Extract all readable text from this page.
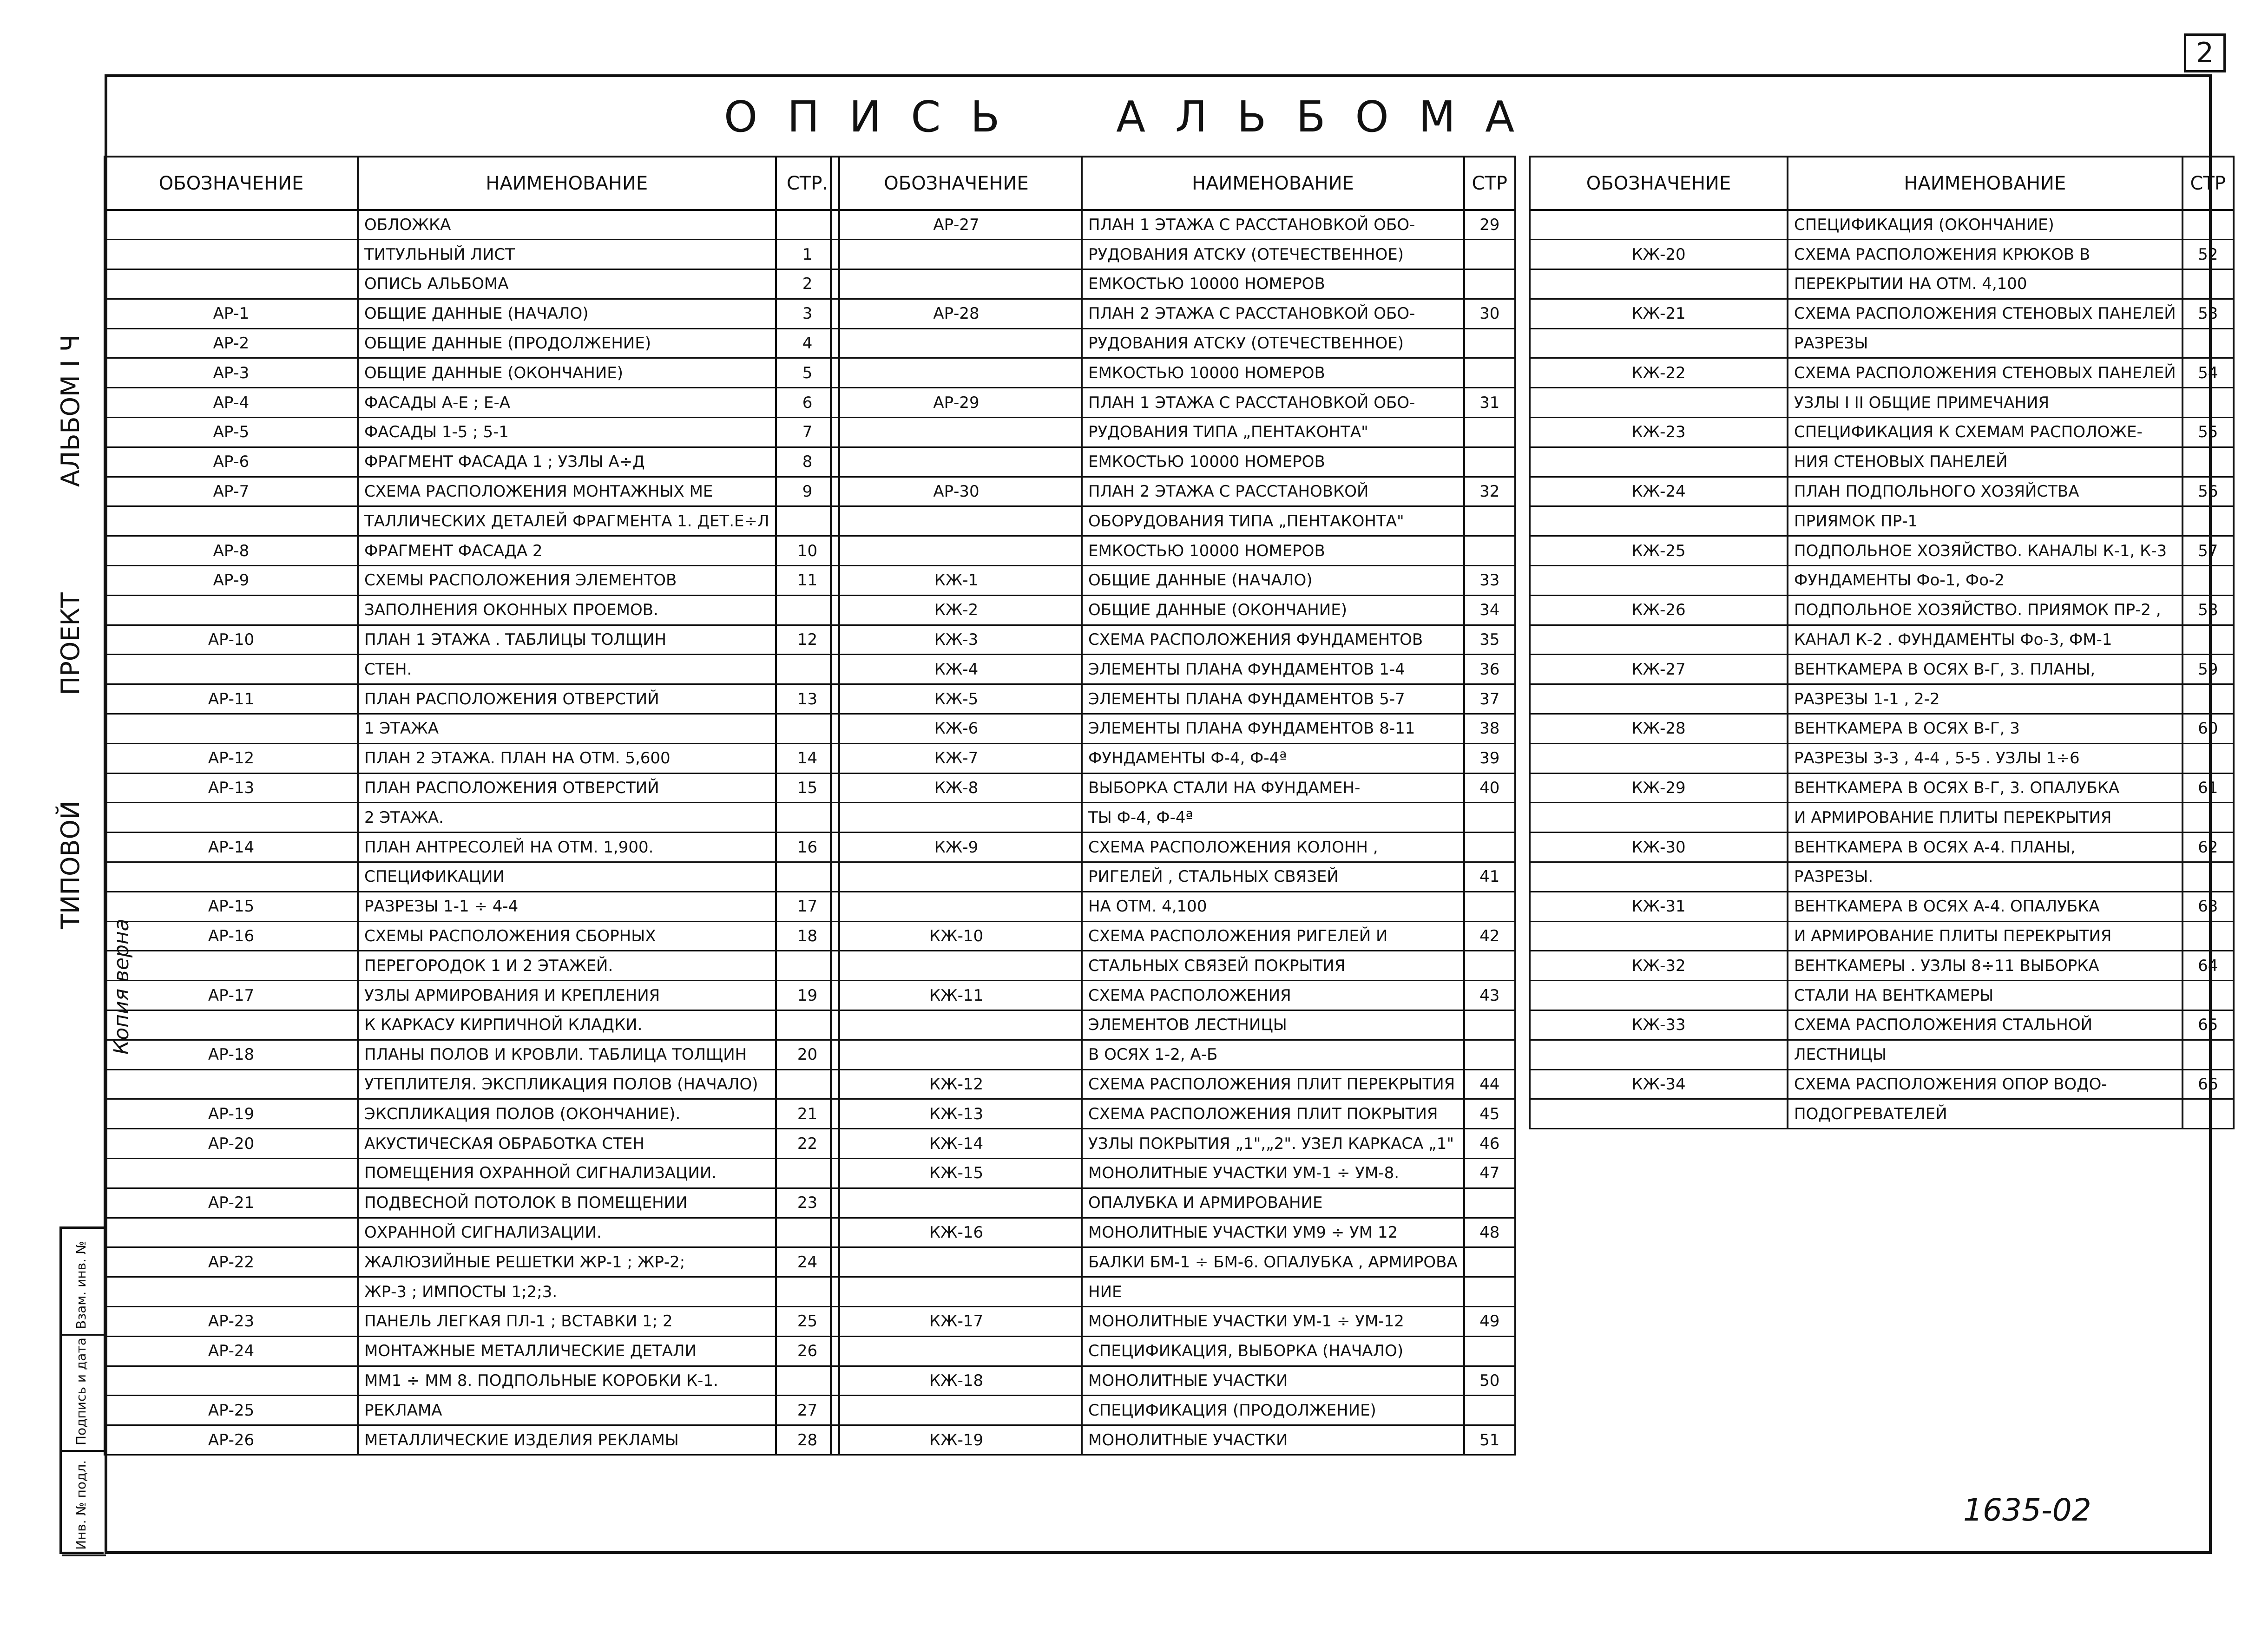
2
ОПИСЬ  АЛЬБОМА
ТИПОВОЙ ПРОЕКТ АЛЬБОМ I Ч
Копия верна
Инв. № подл.
Подпись и дата
Взам. инв. №
ОБОЗНАЧЕНИЕ	НАИМЕНОВАНИЕ	СТР.
	ОБЛОЖКА	
	ТИТУЛЬНЫЙ ЛИСТ	1
	ОПИСЬ АЛЬБОМА	2
АР-1	ОБЩИЕ ДАННЫЕ (НАЧАЛО)	3
АР-2	ОБЩИЕ ДАННЫЕ (ПРОДОЛЖЕНИЕ)	4
АР-3	ОБЩИЕ ДАННЫЕ (ОКОНЧАНИЕ)	5
АР-4	ФАСАДЫ А-Е ; Е-А	6
АР-5	ФАСАДЫ 1-5 ; 5-1	7
АР-6	ФРАГМЕНТ ФАСАДА 1 ; УЗЛЫ А÷Д	8
АР-7	СХЕМА РАСПОЛОЖЕНИЯ МОНТАЖНЫХ МЕ	9
	ТАЛЛИЧЕСКИХ ДЕТАЛЕЙ ФРАГМЕНТА 1. ДЕТ.Е÷Л	
АР-8	ФРАГМЕНТ ФАСАДА 2	10
АР-9	СХЕМЫ РАСПОЛОЖЕНИЯ ЭЛЕМЕНТОВ	11
	ЗАПОЛНЕНИЯ ОКОННЫХ ПРОЕМОВ.	
АР-10	ПЛАН 1 ЭТАЖА . ТАБЛИЦЫ ТОЛЩИН	12
	СТЕН.	
АР-11	ПЛАН РАСПОЛОЖЕНИЯ ОТВЕРСТИЙ	13
	1 ЭТАЖА	
АР-12	ПЛАН 2 ЭТАЖА. ПЛАН НА ОТМ. 5,600	14
АР-13	ПЛАН РАСПОЛОЖЕНИЯ ОТВЕРСТИЙ	15
	2 ЭТАЖА.	
АР-14	ПЛАН АНТРЕСОЛЕЙ НА ОТМ. 1,900.	16
	СПЕЦИФИКАЦИИ	
АР-15	РАЗРЕЗЫ 1-1 ÷ 4-4	17
АР-16	СХЕМЫ РАСПОЛОЖЕНИЯ СБОРНЫХ	18
	ПЕРЕГОРОДОК 1 И 2 ЭТАЖЕЙ.	
АР-17	УЗЛЫ АРМИРОВАНИЯ И КРЕПЛЕНИЯ	19
	К КАРКАСУ КИРПИЧНОЙ КЛАДКИ.	
АР-18	ПЛАНЫ ПОЛОВ И КРОВЛИ. ТАБЛИЦА ТОЛЩИН	20
	УТЕПЛИТЕЛЯ. ЭКСПЛИКАЦИЯ ПОЛОВ (НАЧАЛО)	
АР-19	ЭКСПЛИКАЦИЯ ПОЛОВ (ОКОНЧАНИЕ).	21
АР-20	АКУСТИЧЕСКАЯ ОБРАБОТКА СТЕН	22
	ПОМЕЩЕНИЯ ОХРАННОЙ СИГНАЛИЗАЦИИ.	
АР-21	ПОДВЕСНОЙ ПОТОЛОК В ПОМЕЩЕНИИ	23
	ОХРАННОЙ СИГНАЛИЗАЦИИ.	
АР-22	ЖАЛЮЗИЙНЫЕ РЕШЕТКИ ЖР-1 ; ЖР-2;	24
	ЖР-3 ; ИМПОСТЫ 1;2;3.	
АР-23	ПАНЕЛЬ ЛЕГКАЯ ПЛ-1 ; ВСТАВКИ 1; 2	25
АР-24	МОНТАЖНЫЕ МЕТАЛЛИЧЕСКИЕ ДЕТАЛИ	26
	ММ1 ÷ ММ 8. ПОДПОЛЬНЫЕ КОРОБКИ К-1.	
АР-25	РЕКЛАМА	27
АР-26	МЕТАЛЛИЧЕСКИЕ ИЗДЕЛИЯ РЕКЛАМЫ	28
ОБОЗНАЧЕНИЕ	НАИМЕНОВАНИЕ	СТР
АР-27	ПЛАН 1 ЭТАЖА С РАССТАНОВКОЙ ОБО-	29
	РУДОВАНИЯ АТСКУ (ОТЕЧЕСТВЕННОЕ)	
	ЕМКОСТЬЮ 10000 НОМЕРОВ	
АР-28	ПЛАН 2 ЭТАЖА С РАССТАНОВКОЙ ОБО-	30
	РУДОВАНИЯ АТСКУ (ОТЕЧЕСТВЕННОЕ)	
	ЕМКОСТЬЮ 10000 НОМЕРОВ	
АР-29	ПЛАН 1 ЭТАЖА С РАССТАНОВКОЙ ОБО-	31
	РУДОВАНИЯ ТИПА „ПЕНТАКОНТА"	
	ЕМКОСТЬЮ 10000 НОМЕРОВ	
АР-30	ПЛАН 2 ЭТАЖА С РАССТАНОВКОЙ	32
	ОБОРУДОВАНИЯ ТИПА „ПЕНТАКОНТА"	
	ЕМКОСТЬЮ 10000 НОМЕРОВ	
КЖ-1	ОБЩИЕ ДАННЫЕ (НАЧАЛО)	33
КЖ-2	ОБЩИЕ ДАННЫЕ (ОКОНЧАНИЕ)	34
КЖ-3	СХЕМА РАСПОЛОЖЕНИЯ ФУНДАМЕНТОВ	35
КЖ-4	ЭЛЕМЕНТЫ ПЛАНА ФУНДАМЕНТОВ 1-4	36
КЖ-5	ЭЛЕМЕНТЫ ПЛАНА ФУНДАМЕНТОВ 5-7	37
КЖ-6	ЭЛЕМЕНТЫ ПЛАНА ФУНДАМЕНТОВ 8-11	38
КЖ-7	ФУНДАМЕНТЫ Ф-4, Ф-4ª	39
КЖ-8	ВЫБОРКА СТАЛИ НА ФУНДАМЕН-	40
	ТЫ Ф-4, Ф-4ª	
КЖ-9	СХЕМА РАСПОЛОЖЕНИЯ КОЛОНН ,	
	РИГЕЛЕЙ , СТАЛЬНЫХ СВЯЗЕЙ	41
	НА ОТМ. 4,100	
КЖ-10	СХЕМА РАСПОЛОЖЕНИЯ РИГЕЛЕЙ И	42
	СТАЛЬНЫХ СВЯЗЕЙ ПОКРЫТИЯ	
КЖ-11	СХЕМА РАСПОЛОЖЕНИЯ	43
	ЭЛЕМЕНТОВ ЛЕСТНИЦЫ	
	В ОСЯХ 1-2, А-Б	
КЖ-12	СХЕМА РАСПОЛОЖЕНИЯ ПЛИТ ПЕРЕКРЫТИЯ	44
КЖ-13	СХЕМА РАСПОЛОЖЕНИЯ ПЛИТ ПОКРЫТИЯ	45
КЖ-14	УЗЛЫ ПОКРЫТИЯ „1",„2". УЗЕЛ КАРКАСА „1"	46
КЖ-15	МОНОЛИТНЫЕ УЧАСТКИ УМ-1 ÷ УМ-8.	47
	ОПАЛУБКА И АРМИРОВАНИЕ	
КЖ-16	МОНОЛИТНЫЕ УЧАСТКИ УМ9 ÷ УМ 12	48
	БАЛКИ БМ-1 ÷ БМ-6. ОПАЛУБКА , АРМИРОВА	
	НИЕ	
КЖ-17	МОНОЛИТНЫЕ УЧАСТКИ УМ-1 ÷ УМ-12	49
	СПЕЦИФИКАЦИЯ, ВЫБОРКА (НАЧАЛО)	
КЖ-18	МОНОЛИТНЫЕ УЧАСТКИ	50
	СПЕЦИФИКАЦИЯ (ПРОДОЛЖЕНИЕ)	
КЖ-19	МОНОЛИТНЫЕ УЧАСТКИ	51
ОБОЗНАЧЕНИЕ	НАИМЕНОВАНИЕ	СТР
	СПЕЦИФИКАЦИЯ (ОКОНЧАНИЕ)	
КЖ-20	СХЕМА РАСПОЛОЖЕНИЯ КРЮКОВ В	52
	ПЕРЕКРЫТИИ НА ОТМ. 4,100	
КЖ-21	СХЕМА РАСПОЛОЖЕНИЯ СТЕНОВЫХ ПАНЕЛЕЙ	53
	РАЗРЕЗЫ	
КЖ-22	СХЕМА РАСПОЛОЖЕНИЯ СТЕНОВЫХ ПАНЕЛЕЙ	54
	УЗЛЫ I II ОБЩИЕ ПРИМЕЧАНИЯ	
КЖ-23	СПЕЦИФИКАЦИЯ К СХЕМАМ РАСПОЛОЖЕ-	55
	НИЯ СТЕНОВЫХ ПАНЕЛЕЙ	
КЖ-24	ПЛАН ПОДПОЛЬНОГО ХОЗЯЙСТВА	56
	ПРИЯМОК ПР-1	
КЖ-25	ПОДПОЛЬНОЕ ХОЗЯЙСТВО. КАНАЛЫ К-1, К-3	57
	ФУНДАМЕНТЫ Фо-1, Фо-2	
КЖ-26	ПОДПОЛЬНОЕ ХОЗЯЙСТВО. ПРИЯМОК ПР-2 ,	58
	КАНАЛ К-2 . ФУНДАМЕНТЫ Фо-3, ФМ-1	
КЖ-27	ВЕНТКАМЕРА В ОСЯХ В-Г, 3. ПЛАНЫ,	59
	РАЗРЕЗЫ 1-1 , 2-2	
КЖ-28	ВЕНТКАМЕРА В ОСЯХ В-Г, 3	60
	РАЗРЕЗЫ 3-3 , 4-4 , 5-5 . УЗЛЫ 1÷6	
КЖ-29	ВЕНТКАМЕРА В ОСЯХ В-Г, 3. ОПАЛУБКА	61
	И АРМИРОВАНИЕ ПЛИТЫ ПЕРЕКРЫТИЯ	
КЖ-30	ВЕНТКАМЕРА В ОСЯХ А-4. ПЛАНЫ,	62
	РАЗРЕЗЫ.	
КЖ-31	ВЕНТКАМЕРА В ОСЯХ А-4. ОПАЛУБКА	63
	И АРМИРОВАНИЕ ПЛИТЫ ПЕРЕКРЫТИЯ	
КЖ-32	ВЕНТКАМЕРЫ . УЗЛЫ 8÷11 ВЫБОРКА	64
	СТАЛИ НА ВЕНТКАМЕРЫ	
КЖ-33	СХЕМА РАСПОЛОЖЕНИЯ СТАЛЬНОЙ	65
	ЛЕСТНИЦЫ	
КЖ-34	СХЕМА РАСПОЛОЖЕНИЯ ОПОР ВОДО-	66
	ПОДОГРЕВАТЕЛЕЙ	
1635-02
